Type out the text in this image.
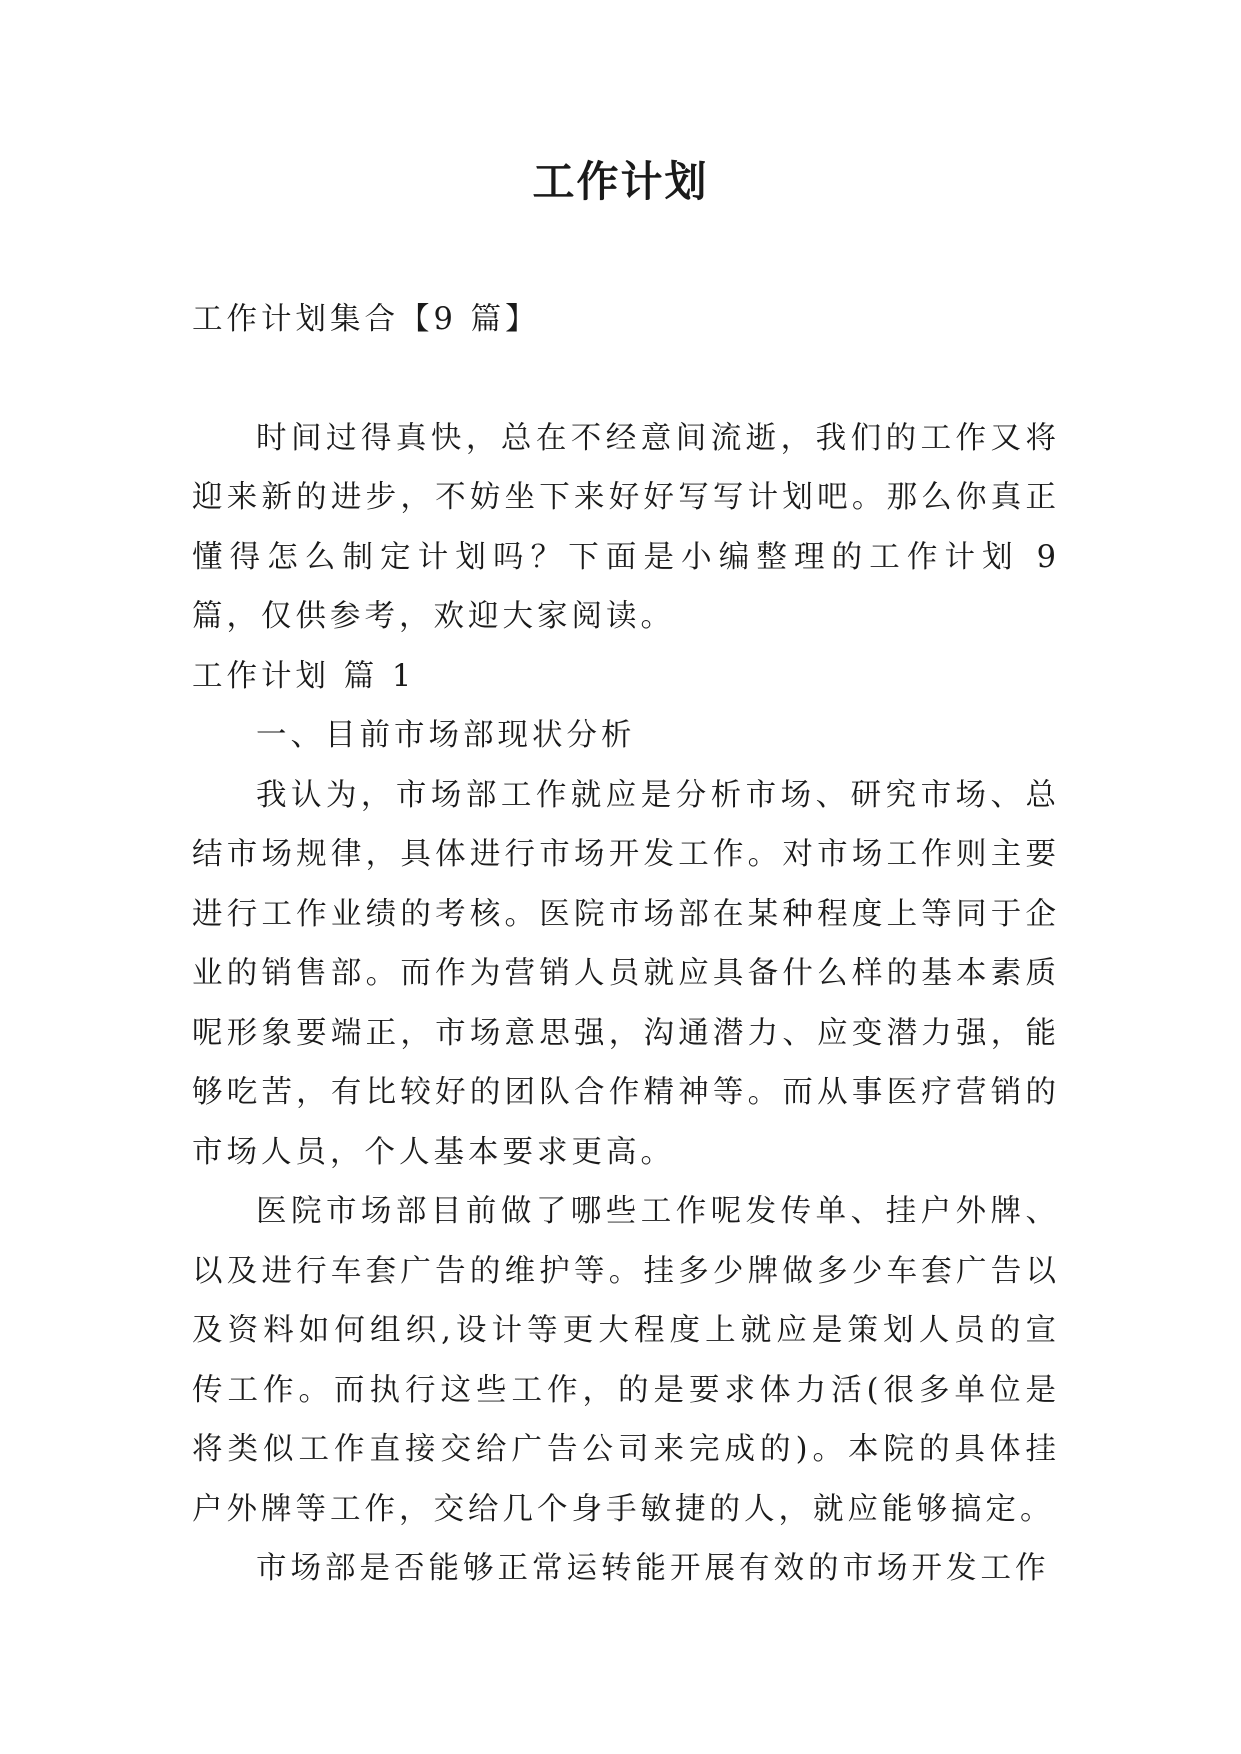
工作计划

工作计划集合【9 篇】

时间过得真快，总在不经意间流逝，我们的工作又将迎来新的进步，不妨坐下来好好写写计划吧。那么你真正懂得怎么制定计划吗？下面是小编整理的工作计划 9 篇，仅供参考，欢迎大家阅读。

工作计划 篇 1

一、目前市场部现状分析

我认为，市场部工作就应是分析市场、研究市场、总结市场规律，具体进行市场开发工作。对市场工作则主要进行工作业绩的考核。医院市场部在某种程度上等同于企业的销售部。而作为营销人员就应具备什么样的基本素质呢形象要端正，市场意思强，沟通潜力、应变潜力强，能够吃苦，有比较好的团队合作精神等。而从事医疗营销的市场人员，个人基本要求更高。

医院市场部目前做了哪些工作呢发传单、挂户外牌、以及进行车套广告的维护等。挂多少牌做多少车套广告以及资料如何组织,设计等更大程度上就应是策划人员的宣传工作。而执行这些工作，的是要求体力活(很多单位是将类似工作直接交给广告公司来完成的)。本院的具体挂户外牌等工作，交给几个身手敏捷的人，就应能够搞定。

市场部是否能够正常运转能开展有效的市场开发工作
